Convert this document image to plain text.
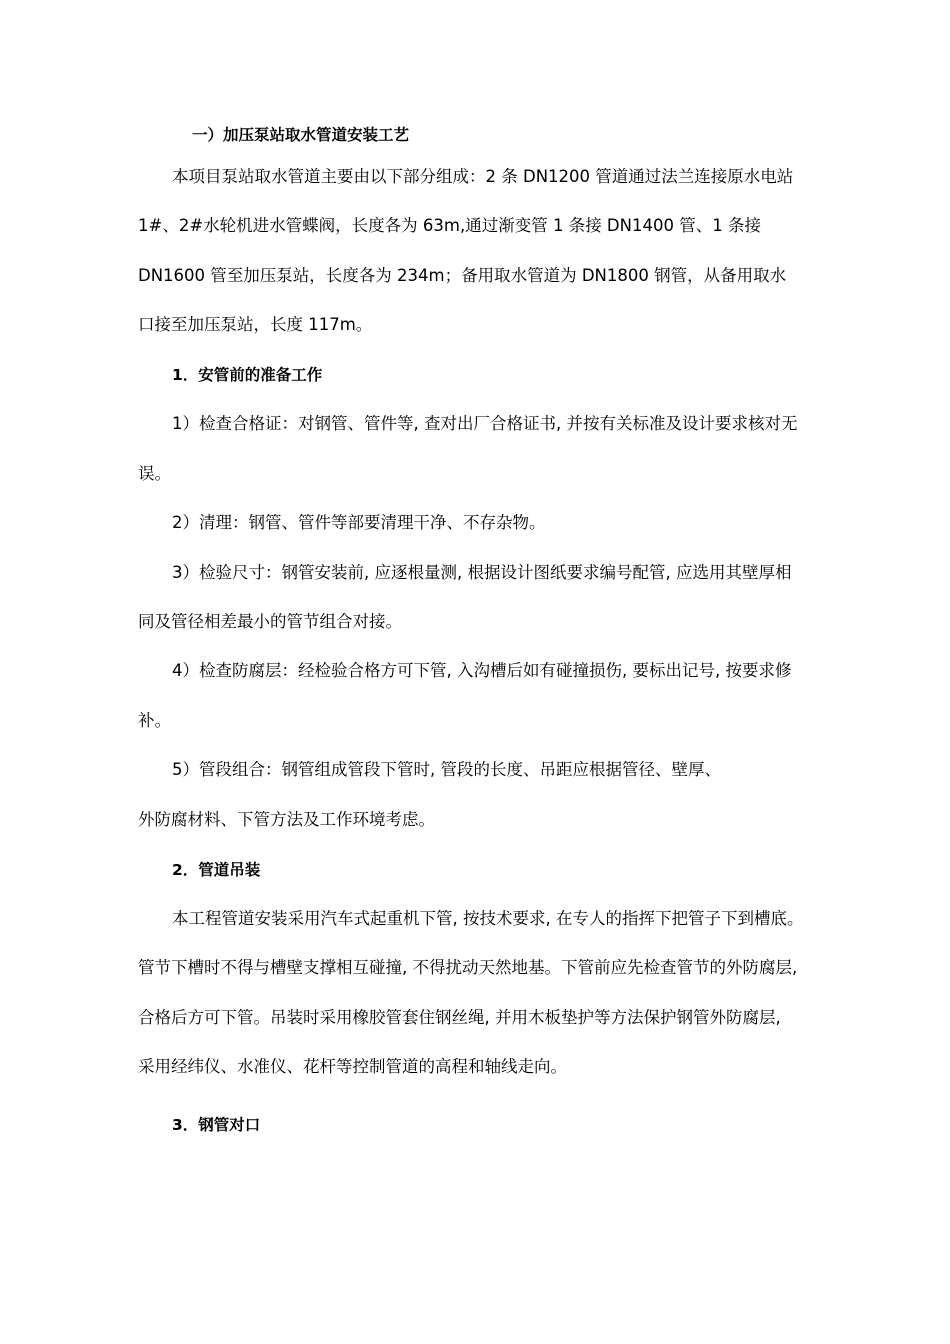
一）加压泵站取水管道安装工艺
本项目泵站取水管道主要由以下部分组成：2 条 DN1200 管道通过法兰连接原水电站
1#、2#水轮机进水管蝶阀，长度各为 63m,通过渐变管 1 条接 DN1400 管、1 条接
DN1600 管至加压泵站，长度各为 234m；备用取水管道为 DN1800 钢管，从备用取水
口接至加压泵站，长度 117m。
1．安管前的准备工作
1）检查合格证：对钢管、管件等, 查对出厂合格证书, 并按有关标准及设计要求核对无
误。
2）清理：钢管、管件等部要清理干净、不存杂物。
3）检验尺寸：钢管安装前, 应逐根量测, 根据设计图纸要求编号配管, 应选用其壁厚相
同及管径相差最小的管节组合对接。
4）检查防腐层：经检验合格方可下管, 入沟槽后如有碰撞损伤, 要标出记号, 按要求修
补。
5）管段组合：钢管组成管段下管时, 管段的长度、吊距应根据管径、壁厚、
外防腐材料、下管方法及工作环境考虑。
2．管道吊装
本工程管道安装采用汽车式起重机下管, 按技术要求, 在专人的指挥下把管子下到槽底。
管节下槽时不得与槽壁支撑相互碰撞, 不得扰动天然地基。下管前应先检查管节的外防腐层,
合格后方可下管。吊装时采用橡胶管套住钢丝绳, 并用木板垫护等方法保护钢管外防腐层,
采用经纬仪、水准仪、花杆等控制管道的高程和轴线走向。
3．钢管对口
